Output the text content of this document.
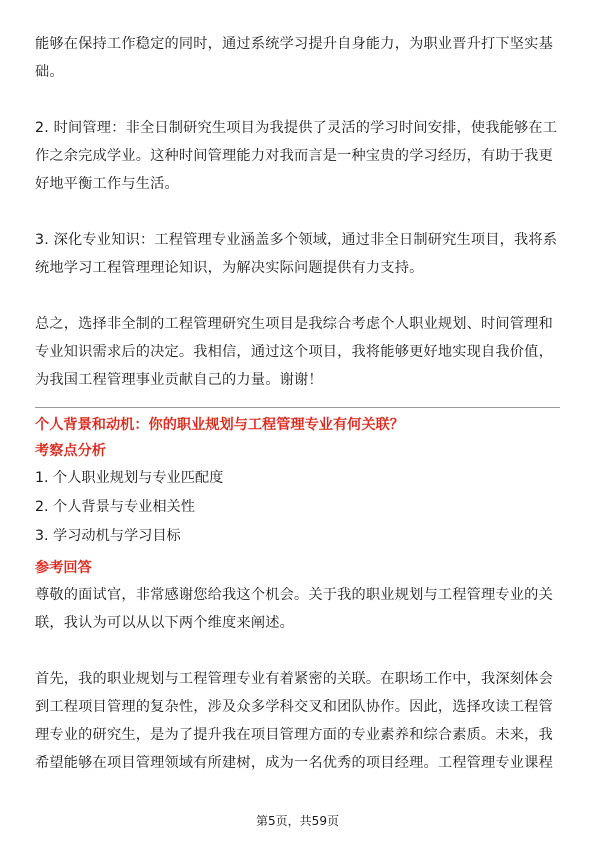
能够在保持工作稳定的同时，通过系统学习提升自身能力，为职业晋升打下坚实基础。

2. 时间管理：非全日制研究生项目为我提供了灵活的学习时间安排，使我能够在工作之余完成学业。这种时间管理能力对我而言是一种宝贵的学习经历，有助于我更好地平衡工作与生活。

3. 深化专业知识：工程管理专业涵盖多个领域，通过非全日制研究生项目，我将系统地学习工程管理理论知识，为解决实际问题提供有力支持。

总之，选择非全制的工程管理研究生项目是我综合考虑个人职业规划、时间管理和专业知识需求后的决定。我相信，通过这个项目，我将能够更好地实现自我价值，为我国工程管理事业贡献自己的力量。谢谢！

个人背景和动机：你的职业规划与工程管理专业有何关联？

考察点分析

1. 个人职业规划与专业匹配度

2. 个人背景与专业相关性

3. 学习动机与学习目标

参考回答

尊敬的面试官，非常感谢您给我这个机会。关于我的职业规划与工程管理专业的关联，我认为可以从以下两个维度来阐述。

首先，我的职业规划与工程管理专业有着紧密的关联。在职场工作中，我深刻体会到工程项目管理的复杂性，涉及众多学科交叉和团队协作。因此，选择攻读工程管理专业的研究生，是为了提升我在项目管理方面的专业素养和综合素质。未来，我希望能够在项目管理领域有所建树，成为一名优秀的项目经理。工程管理专业课程

第5页，共59页
